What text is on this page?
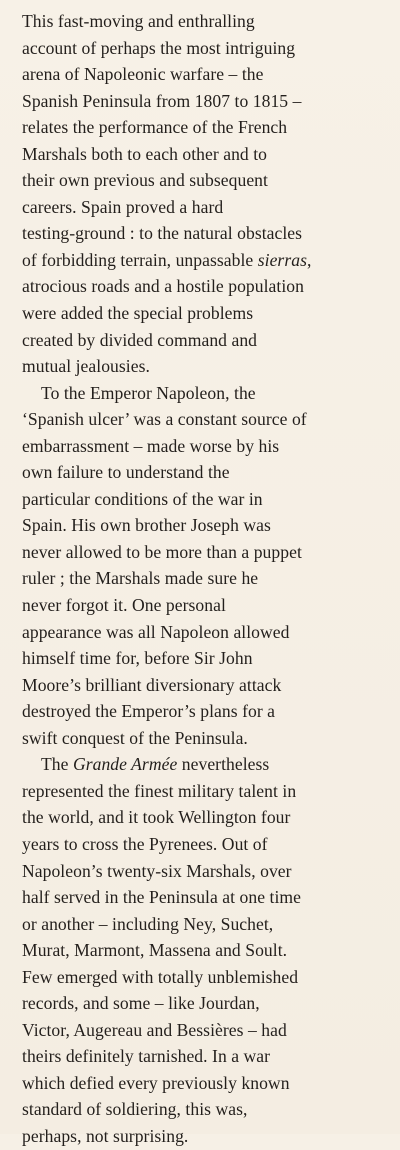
This fast-moving and enthralling
account of perhaps the most intriguing
arena of Napoleonic warfare – the
Spanish Peninsula from 1807 to 1815 –
relates the performance of the French
Marshals both to each other and to
their own previous and subsequent
careers. Spain proved a hard
testing-ground : to the natural obstacles
of forbidding terrain, unpassable sierras,
atrocious roads and a hostile population
were added the special problems
created by divided command and
mutual jealousies.

To the Emperor Napoleon, the
‘Spanish ulcer’ was a constant source of
embarrassment – made worse by his
own failure to understand the
particular conditions of the war in
Spain. His own brother Joseph was
never allowed to be more than a puppet
ruler ; the Marshals made sure he
never forgot it. One personal
appearance was all Napoleon allowed
himself time for, before Sir John
Moore’s brilliant diversionary attack
destroyed the Emperor’s plans for a
swift conquest of the Peninsula.

The Grande Armée nevertheless
represented the finest military talent in
the world, and it took Wellington four
years to cross the Pyrenees. Out of
Napoleon’s twenty-six Marshals, over
half served in the Peninsula at one time
or another – including Ney, Suchet,
Murat, Marmont, Massena and Soult.
Few emerged with totally unblemished
records, and some – like Jourdan,
Victor, Augereau and Bessières – had
theirs definitely tarnished. In a war
which defied every previously known
standard of soldiering, this was,
perhaps, not surprising.
